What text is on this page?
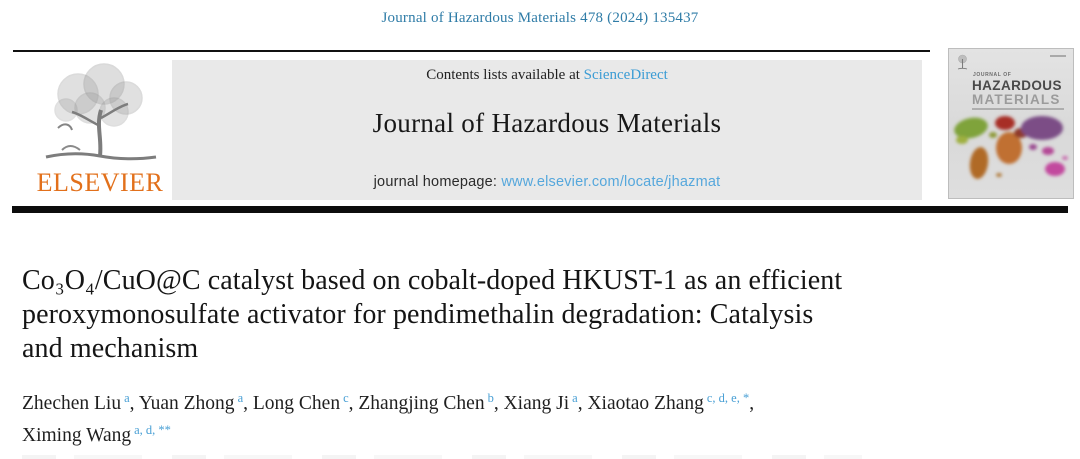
Journal of Hazardous Materials 478 (2024) 135437
ELSEVIER
Contents lists available at ScienceDirect
Journal of Hazardous Materials
journal homepage: www.elsevier.com/locate/jhazmat
JOURNAL OF
HAZARDOUS
MATERIALS
Co₃O₄/CuO@C catalyst based on cobalt-doped HKUST-1 as an efficient
peroxymonosulfate activator for pendimethalin degradation: Catalysis
and mechanism
Zhechen Liu $^a$, Yuan Zhong $^a$, Long Chen $^c$, Zhangjing Chen $^b$, Xiang Ji $^a$, Xiaotao Zhang $^{c, d, e, *}$,
Ximing Wang $^{a, d, **}$
